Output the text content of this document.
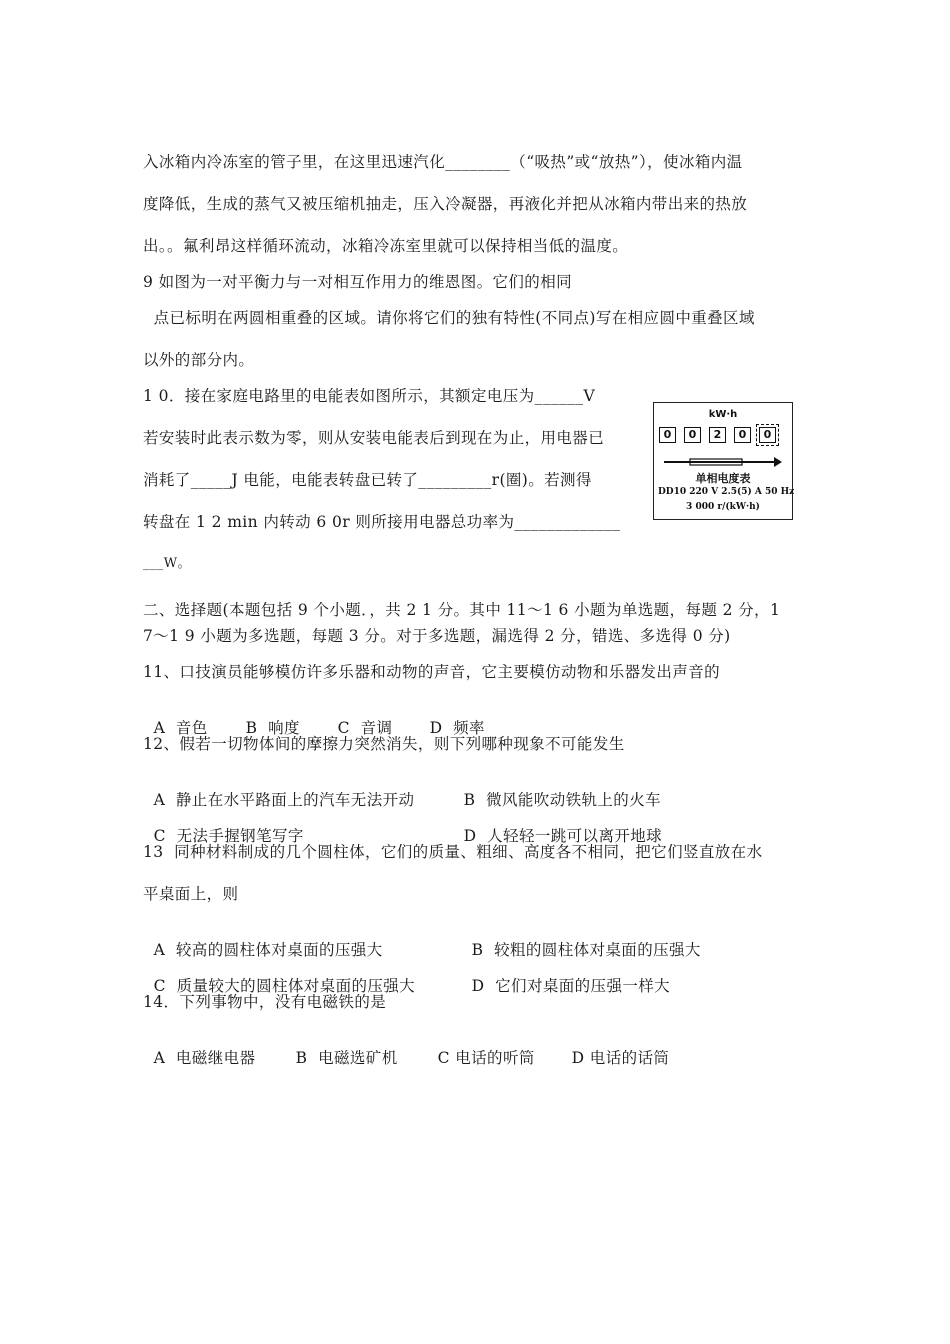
入冰箱内冷冻室的管子里，在这里迅速汽化________（“吸热”或“放热”），使冰箱内温
度降低，生成的蒸气又被压缩机抽走，压入冷凝器，再液化并把从冰箱内带出来的热放
出。。氟利昂这样循环流动，冰箱冷冻室里就可以保持相当低的温度。
9 如图为一对平衡力与一对相互作用力的维恩图。它们的相同
点已标明在两圆相重叠的区域。请你将它们的独有特性(不同点)写在相应圆中重叠区域
以外的部分内。
1 0．接在家庭电路里的电能表如图所示，其额定电压为______V
若安装时此表示数为零，则从安装电能表后到现在为止，用电器已
消耗了_____J 电能，电能表转盘已转了_________r(圈)。若测得
转盘在 1 2 min 内转动 6 0r 则所接用电器总功率为_____________
___W。
kW·h
0	0	2	0	0
单相电度表
DD10 220 V 2.5(5) A 50 Hz
3 000 r/(kW·h)
二、选择题(本题包括 9 个小题．，共 2 1 分。其中 11～1 6 小题为单选题，每题 2 分，1
7～1 9 小题为多选题，每题 3 分。对于多选题，漏选得 2 分，错选、多选得 0 分)
11、口技演员能够模仿许多乐器和动物的声音，它主要模仿动物和乐器发出声音的

A  音色 B  响度 C  音调 D  频率

12、假若一切物体间的摩擦力突然消失，则下列哪种现象不可能发生

A  静止在水平路面上的汽车无法开动	B  微风能吹动铁轨上的火车

C  无法手握钢笔写字	D  人轻轻一跳可以离开地球

13  同种材料制成的几个圆柱体，它们的质量、粗细、高度各不相同，把它们竖直放在水
平桌面上，则

A  较高的圆柱体对桌面的压强大	B  较粗的圆柱体对桌面的压强大

C  质量较大的圆柱体对桌面的压强大	D  它们对桌面的压强一样大

14．下列事物中，没有电磁铁的是

A  电磁继电器	B  电磁选矿机	C 电话的听筒 D 电话的话筒
